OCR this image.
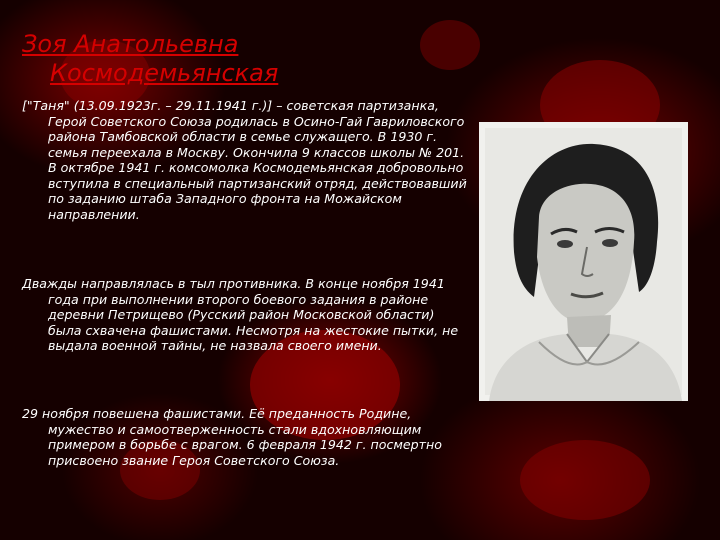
Зоя Анатольевна
Космодемьянская

["Таня" (13.09.1923г. – 29.11.1941 г.)] – советская партизанка, Герой Советского Союза родилась в Осино-Гай Гавриловского района Тамбовской области в семье служащего. В 1930 г. семья переехала в Москву. Окончила 9 классов школы № 201. В октябре 1941 г. комсомолка Космодемьянская добровольно вступила в специальный партизанский отряд, действовавший по заданию штаба Западного фронта на Можайском направлении.

Дважды направлялась в тыл противника. В конце ноября 1941 года при выполнении второго боевого задания в районе деревни Петрищево (Русский район Московской области) была схвачена фашистами. Несмотря на жестокие пытки, не выдала военной тайны, не назвала своего имени.

29 ноября повешена фашистами. Её преданность Родине, мужество и самоотверженность стали вдохновляющим примером в борьбе с врагом. 6 февраля 1942 г. посмертно присвоено звание Героя Советского Союза.
